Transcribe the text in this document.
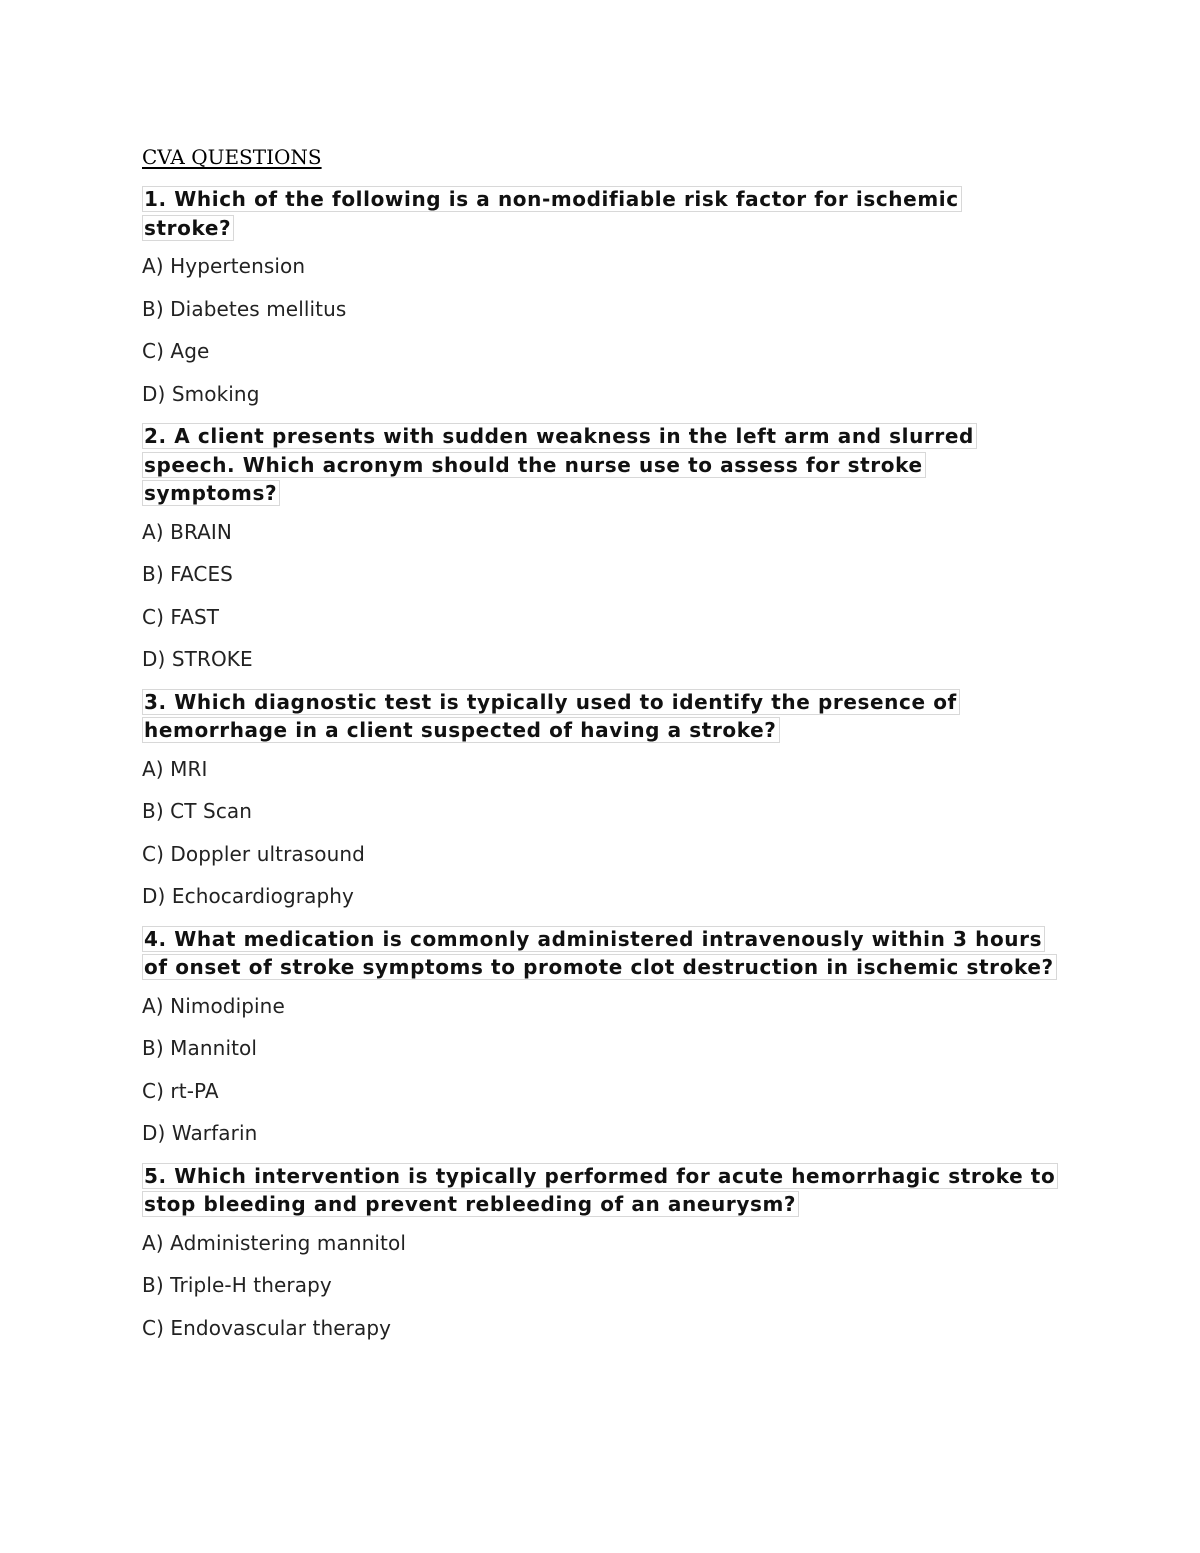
CVA QUESTIONS
1. Which of the following is a non-modifiable risk factor for ischemic stroke?
A) Hypertension
B) Diabetes mellitus
C) Age
D) Smoking
2. A client presents with sudden weakness in the left arm and slurred speech. Which acronym should the nurse use to assess for stroke symptoms?
A) BRAIN
B) FACES
C) FAST
D) STROKE
3. Which diagnostic test is typically used to identify the presence of hemorrhage in a client suspected of having a stroke?
A) MRI
B) CT Scan
C) Doppler ultrasound
D) Echocardiography
4. What medication is commonly administered intravenously within 3 hours of onset of stroke symptoms to promote clot destruction in ischemic stroke?
A) Nimodipine
B) Mannitol
C) rt-PA
D) Warfarin
5. Which intervention is typically performed for acute hemorrhagic stroke to stop bleeding and prevent rebleeding of an aneurysm?
A) Administering mannitol
B) Triple-H therapy
C) Endovascular therapy
